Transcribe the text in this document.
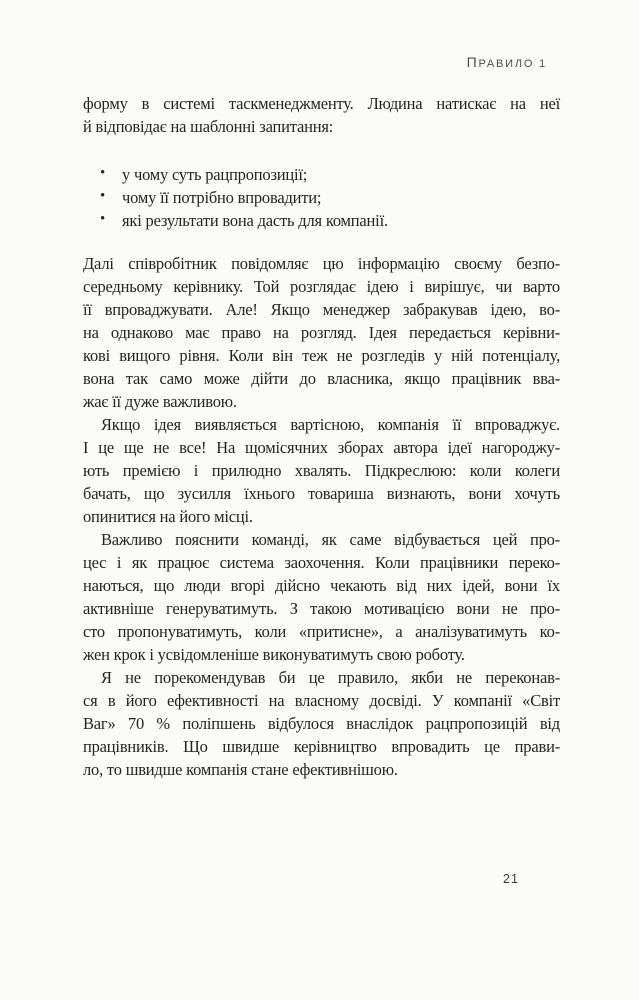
ПРАВИЛО 1
форму в системі таскменеджменту. Людина натискає на неї
й відповідає на шаблонні запитання:
• у чому суть рацпропозиції;
• чому її потрібно впровадити;
• які результати вона дасть для компанії.
Далі співробітник повідомляє цю інформацію своєму безпо-
середньому керівнику. Той розглядає ідею і вирішує, чи варто
її впроваджувати. Але! Якщо менеджер забракував ідею, во-
на однаково має право на розгляд. Ідея передається керівни-
кові вищого рівня. Коли він теж не розгледів у ній потенціалу,
вона так само може дійти до власника, якщо працівник вва-
жає її дуже важливою.
Якщо ідея виявляється вартісною, компанія її впроваджує.
І це ще не все! На щомісячних зборах автора ідеї нагороджу-
ють премією і прилюдно хвалять. Підкреслюю: коли колеги
бачать, що зусилля їхнього товариша визнають, вони хочуть
опинитися на його місці.
Важливо пояснити команді, як саме відбувається цей про-
цес і як працює система заохочення. Коли працівники переко-
наються, що люди вгорі дійсно чекають від них ідей, вони їх
активніше генеруватимуть. З такою мотивацією вони не про-
сто пропонуватимуть, коли «притисне», а аналізуватимуть ко-
жен крок і усвідомленіше виконуватимуть свою роботу.
Я не порекомендував би це правило, якби не переконав-
ся в його ефективності на власному досвіді. У компанії «Світ
Ваг» 70 % поліпшень відбулося внаслідок рацпропозицій від
працівників. Що швидше керівництво впровадить це прави-
ло, то швидше компанія стане ефективнішою.
21
